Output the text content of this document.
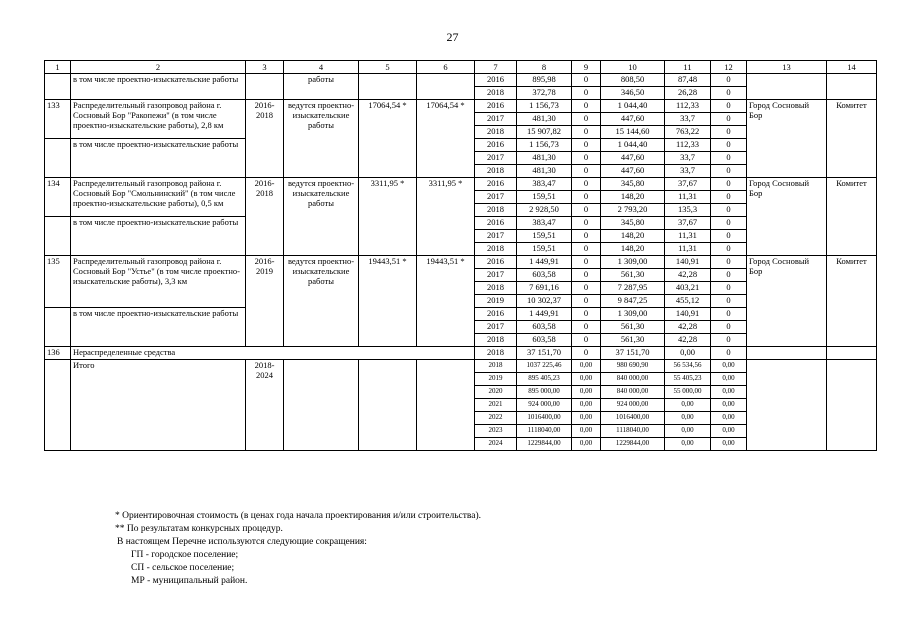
27
1	2	3	4	5	6	7	8	9	10	11	12	13	14
	в том числе проектно-изыскательские работы		работы			2016	895,98	0	808,50	87,48	0		
						2018	372,78	0	346,50	26,28	0		
133	Распределительный газопровод района г. Сосновый Бор "Ракопежи" (в том числе проектно-изыскательские работы), 2,8 км	2016-2018	ведутся проектно-изыскательские работы	17064,54 *	17064,54 *	2016	1 156,73	0	1 044,40	112,33	0	Город Сосновый Бор	Комитет
						2017	481,30	0	447,60	33,7	0		
						2018	15 907,82	0	15 144,60	763,22	0		
	в том числе проектно-изыскательские работы					2016	1 156,73	0	1 044,40	112,33	0		
						2017	481,30	0	447,60	33,7	0		
						2018	481,30	0	447,60	33,7	0		
134	Распределительный газопровод района г. Сосновый Бор "Смольнинский" (в том числе проектно-изыскательские работы), 0,5 км	2016-2018	ведутся проектно-изыскательские работы	3311,95 *	3311,95 *	2016	383,47	0	345,80	37,67	0	Город Сосновый Бор	Комитет
						2017	159,51	0	148,20	11,31	0		
						2018	2 928,50	0	2 793,20	135,3	0		
	в том числе проектно-изыскательские работы					2016	383,47	0	345,80	37,67	0		
						2017	159,51	0	148,20	11,31	0		
						2018	159,51	0	148,20	11,31	0		
135	Распределительный газопровод района г. Сосновый Бор "Устье" (в том числе проектно-изыскательские работы), 3,3 км	2016-2019	ведутся проектно-изыскательские работы	19443,51 *	19443,51 *	2016	1 449,91	0	1 309,00	140,91	0	Город Сосновый Бор	Комитет
						2017	603,58	0	561,30	42,28	0		
						2018	7 691,16	0	7 287,95	403,21	0		
						2019	10 302,37	0	9 847,25	455,12	0		
	в том числе проектно-изыскательские работы					2016	1 449,91	0	1 309,00	140,91	0		
						2017	603,58	0	561,30	42,28	0		
						2018	603,58	0	561,30	42,28	0		
136	Нераспределенные средства					2018	37 151,70	0	37 151,70	0,00	0		
	Итого	2018-2024				2018	1037 225,46	0,00	980 690,90	56 534,56	0,00		
						2019	895 405,23	0,00	840 000,00	55 405,23	0,00		
						2020	895 000,00	0,00	840 000,00	55 000,00	0,00		
						2021	924 000,00	0,00	924 000,00	0,00	0,00		
						2022	1016400,00	0,00	1016400,00	0,00	0,00		
						2023	1118040,00	0,00	1118040,00	0,00	0,00		
						2024	1229844,00	0,00	1229844,00	0,00	0,00		
* Ориентировочная стоимость (в ценах года начала проектирования и/или строительства).
** По результатам конкурсных процедур.
В настоящем Перечне используются следующие сокращения:
ГП - городское поселение;
СП - сельское поселение;
МР - муниципальный район.
